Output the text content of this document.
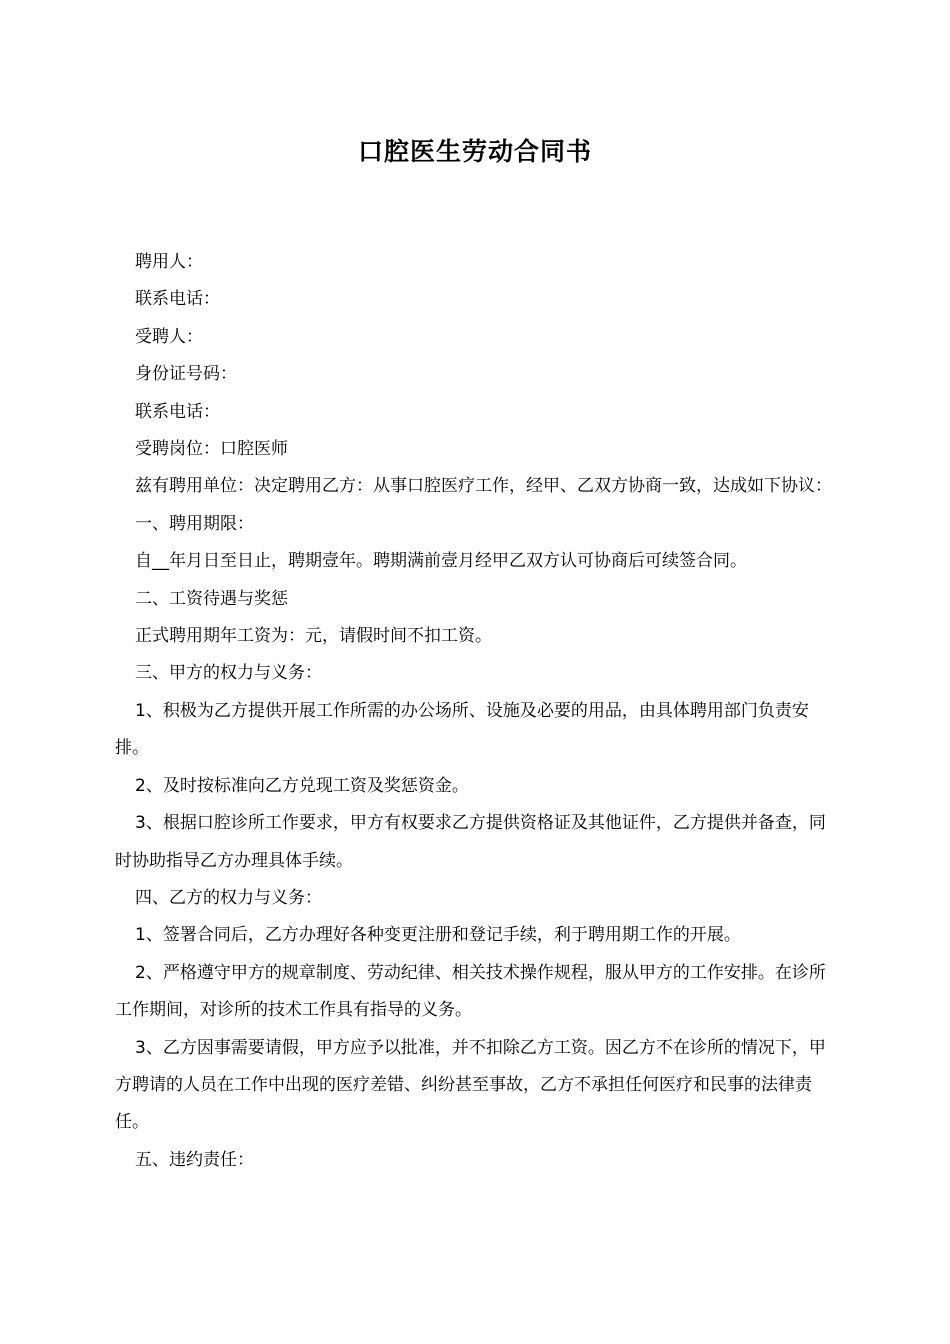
口腔医生劳动合同书

聘用人：

联系电话：

受聘人：

身份证号码：

联系电话：

受聘岗位：口腔医师

兹有聘用单位：决定聘用乙方：从事口腔医疗工作，经甲、乙双方协商一致，达成如下协议：

一、聘用期限：

自__年月日至日止，聘期壹年。聘期满前壹月经甲乙双方认可协商后可续签合同。

二、工资待遇与奖惩

正式聘用期年工资为：元，请假时间不扣工资。

三、甲方的权力与义务：

1、积极为乙方提供开展工作所需的办公场所、设施及必要的用品，由具体聘用部门负责安排。

2、及时按标准向乙方兑现工资及奖惩资金。

3、根据口腔诊所工作要求，甲方有权要求乙方提供资格证及其他证件，乙方提供并备查，同时协助指导乙方办理具体手续。

四、乙方的权力与义务：

1、签署合同后，乙方办理好各种变更注册和登记手续，利于聘用期工作的开展。

2、严格遵守甲方的规章制度、劳动纪律、相关技术操作规程，服从甲方的工作安排。在诊所工作期间，对诊所的技术工作具有指导的义务。

3、乙方因事需要请假，甲方应予以批准，并不扣除乙方工资。因乙方不在诊所的情况下，甲方聘请的人员在工作中出现的医疗差错、纠纷甚至事故，乙方不承担任何医疗和民事的法律责任。

五、违约责任：
